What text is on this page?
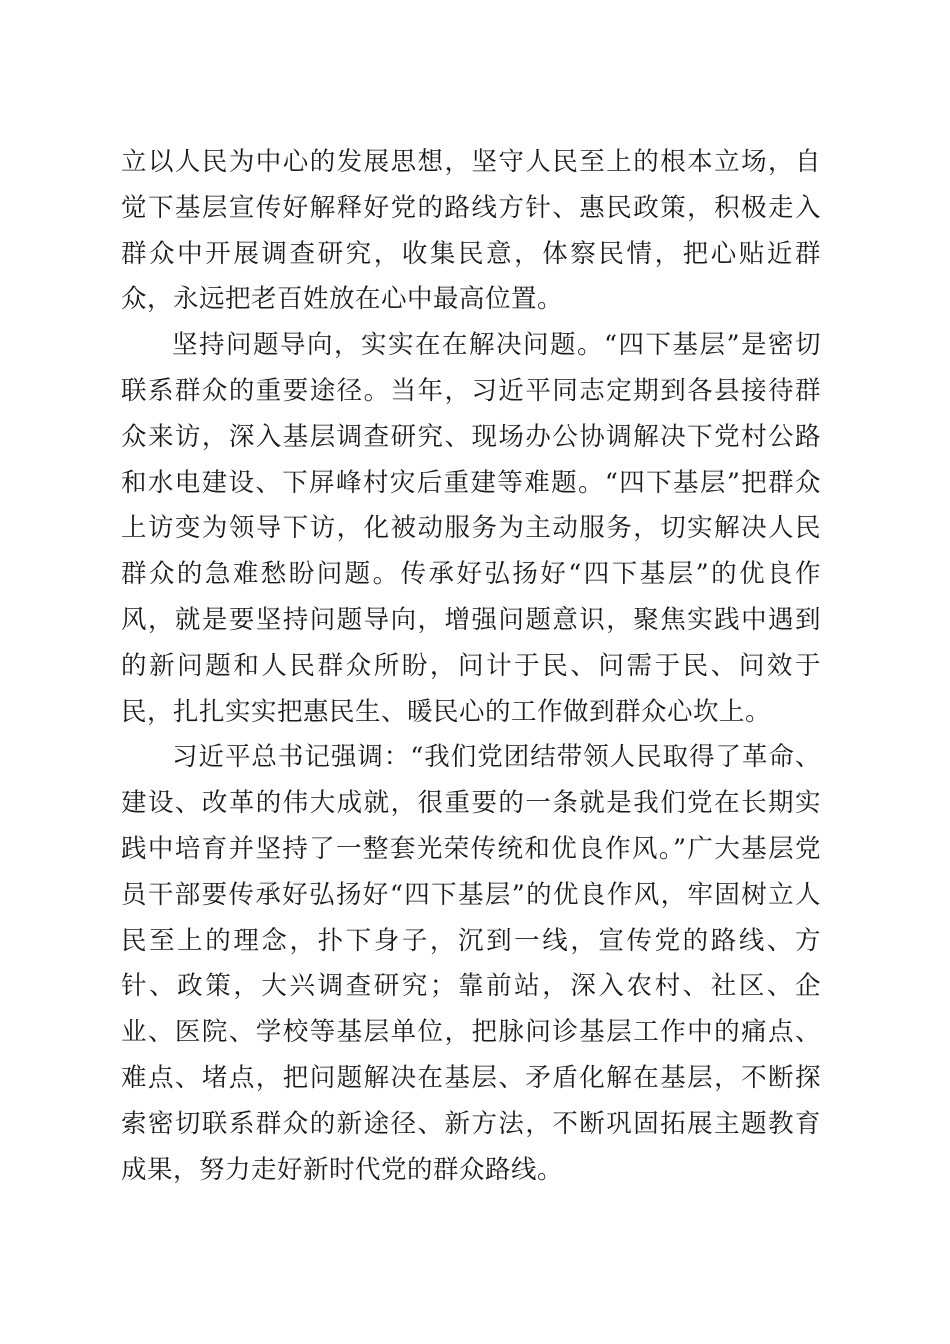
立以人民为中心的发展思想，坚守人民至上的根本立场，自觉下基层宣传好解释好党的路线方针、惠民政策，积极走入群众中开展调查研究，收集民意，体察民情，把心贴近群众，永远把老百姓放在心中最高位置。

坚持问题导向，实实在在解决问题。“四下基层”是密切联系群众的重要途径。当年，习近平同志定期到各县接待群众来访，深入基层调查研究、现场办公协调解决下党村公路和水电建设、下屏峰村灾后重建等难题。“四下基层”把群众上访变为领导下访，化被动服务为主动服务，切实解决人民群众的急难愁盼问题。传承好弘扬好“四下基层”的优良作风，就是要坚持问题导向，增强问题意识，聚焦实践中遇到的新问题和人民群众所盼，问计于民、问需于民、问效于民，扎扎实实把惠民生、暖民心的工作做到群众心坎上。

习近平总书记强调：“我们党团结带领人民取得了革命、建设、改革的伟大成就，很重要的一条就是我们党在长期实践中培育并坚持了一整套光荣传统和优良作风。”广大基层党员干部要传承好弘扬好“四下基层”的优良作风，牢固树立人民至上的理念，扑下身子，沉到一线，宣传党的路线、方针、政策，大兴调查研究；靠前站，深入农村、社区、企业、医院、学校等基层单位，把脉问诊基层工作中的痛点、难点、堵点，把问题解决在基层、矛盾化解在基层，不断探索密切联系群众的新途径、新方法，不断巩固拓展主题教育成果，努力走好新时代党的群众路线。
